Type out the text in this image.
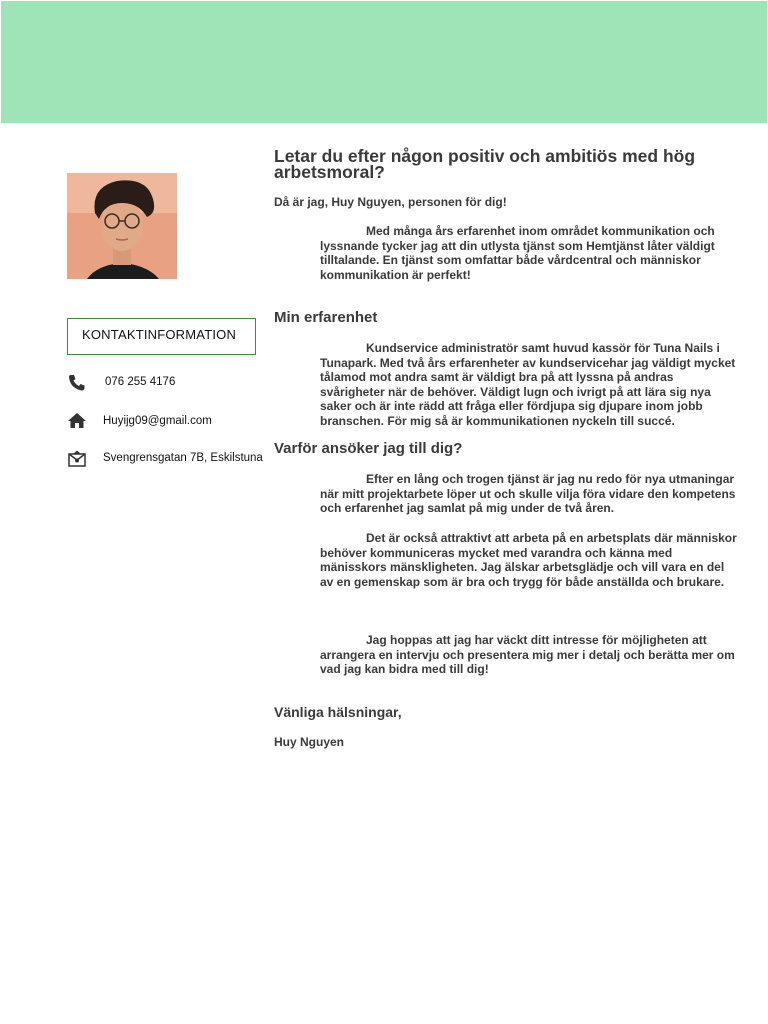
KONTAKTINFORMATION
076 255 4176
Huyijg09@gmail.com
Svengrensgatan 7B, Eskilstuna

Letar du efter någon positiv och ambitiös med hög arbetsmoral?

Då är jag, Huy Nguyen, personen för dig!

Med många års erfarenhet inom området kommunikation och lyssnande tycker jag att din utlysta tjänst som Hemtjänst låter väldigt tilltalande. En tjänst som omfattar både vårdcentral och människor kommunikation är perfekt!

Min erfarenhet

Kundservice administratör samt huvud kassör för Tuna Nails i Tunapark. Med två års erfarenheter av kundservicehar jag väldigt mycket tålamod mot andra samt är väldigt bra på att lyssna på andras svårigheter när de behöver. Väldigt lugn och ivrigt på att lära sig nya saker och är inte rädd att fråga eller fördjupa sig djupare inom jobb branschen. För mig så är kommunikationen nyckeln till succé.

Varför ansöker jag till dig?

Efter en lång och trogen tjänst är jag nu redo för nya utmaningar när mitt projektarbete löper ut och skulle vilja föra vidare den kompetens och erfarenhet jag samlat på mig under de två åren.

Det är också attraktivt att arbeta på en arbetsplats där människor behöver kommuniceras mycket med varandra och känna med mänisskors mänskligheten. Jag älskar arbetsglädje och vill vara en del av en gemenskap som är bra och trygg för både anställda och brukare.

Jag hoppas att jag har väckt ditt intresse för möjligheten att arrangera en intervju och presentera mig mer i detalj och berätta mer om vad jag kan bidra med till dig!

Vänliga hälsningar,

Huy Nguyen
